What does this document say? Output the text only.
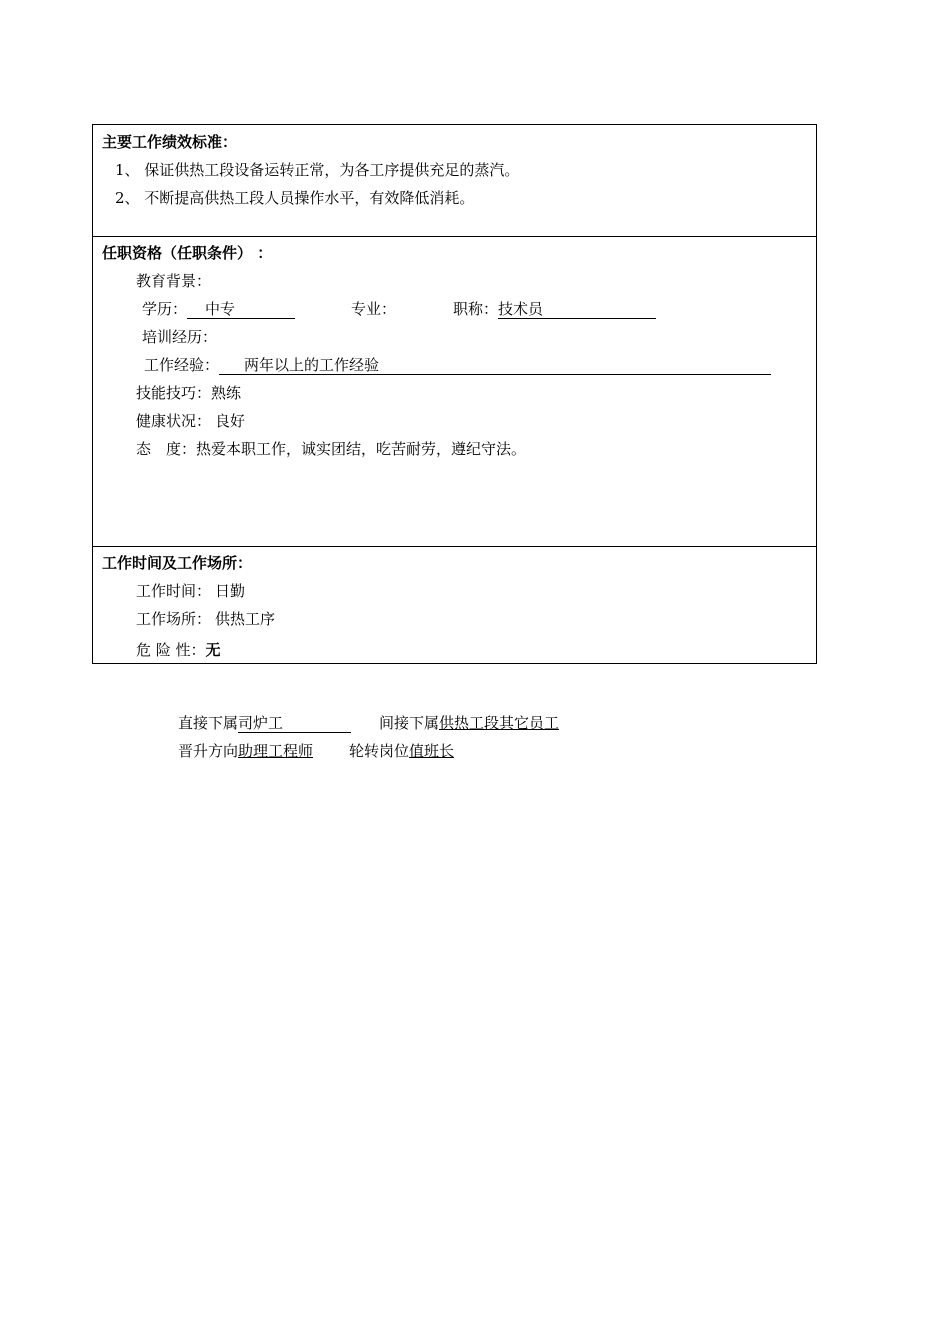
主要工作绩效标准：
1、 保证供热工段设备运转正常，为各工序提供充足的蒸汽。
2、 不断提高供热工段人员操作水平，有效降低消耗。
任职资格（任职条件） ：
教育背景：
学历： 中专	专业：	职称：技术员
培训经历：
工作经验： 两年以上的工作经验
技能技巧：熟练
健康状况： 良好
态　度：热爱本职工作，诚实团结，吃苦耐劳，遵纪守法。
工作时间及工作场所：
工作时间： 日勤
工作场所： 供热工序
危 险 性：无
直接下属司炉工	间接下属供热工段其它员工
晋升方向助理工程师 轮转岗位值班长
